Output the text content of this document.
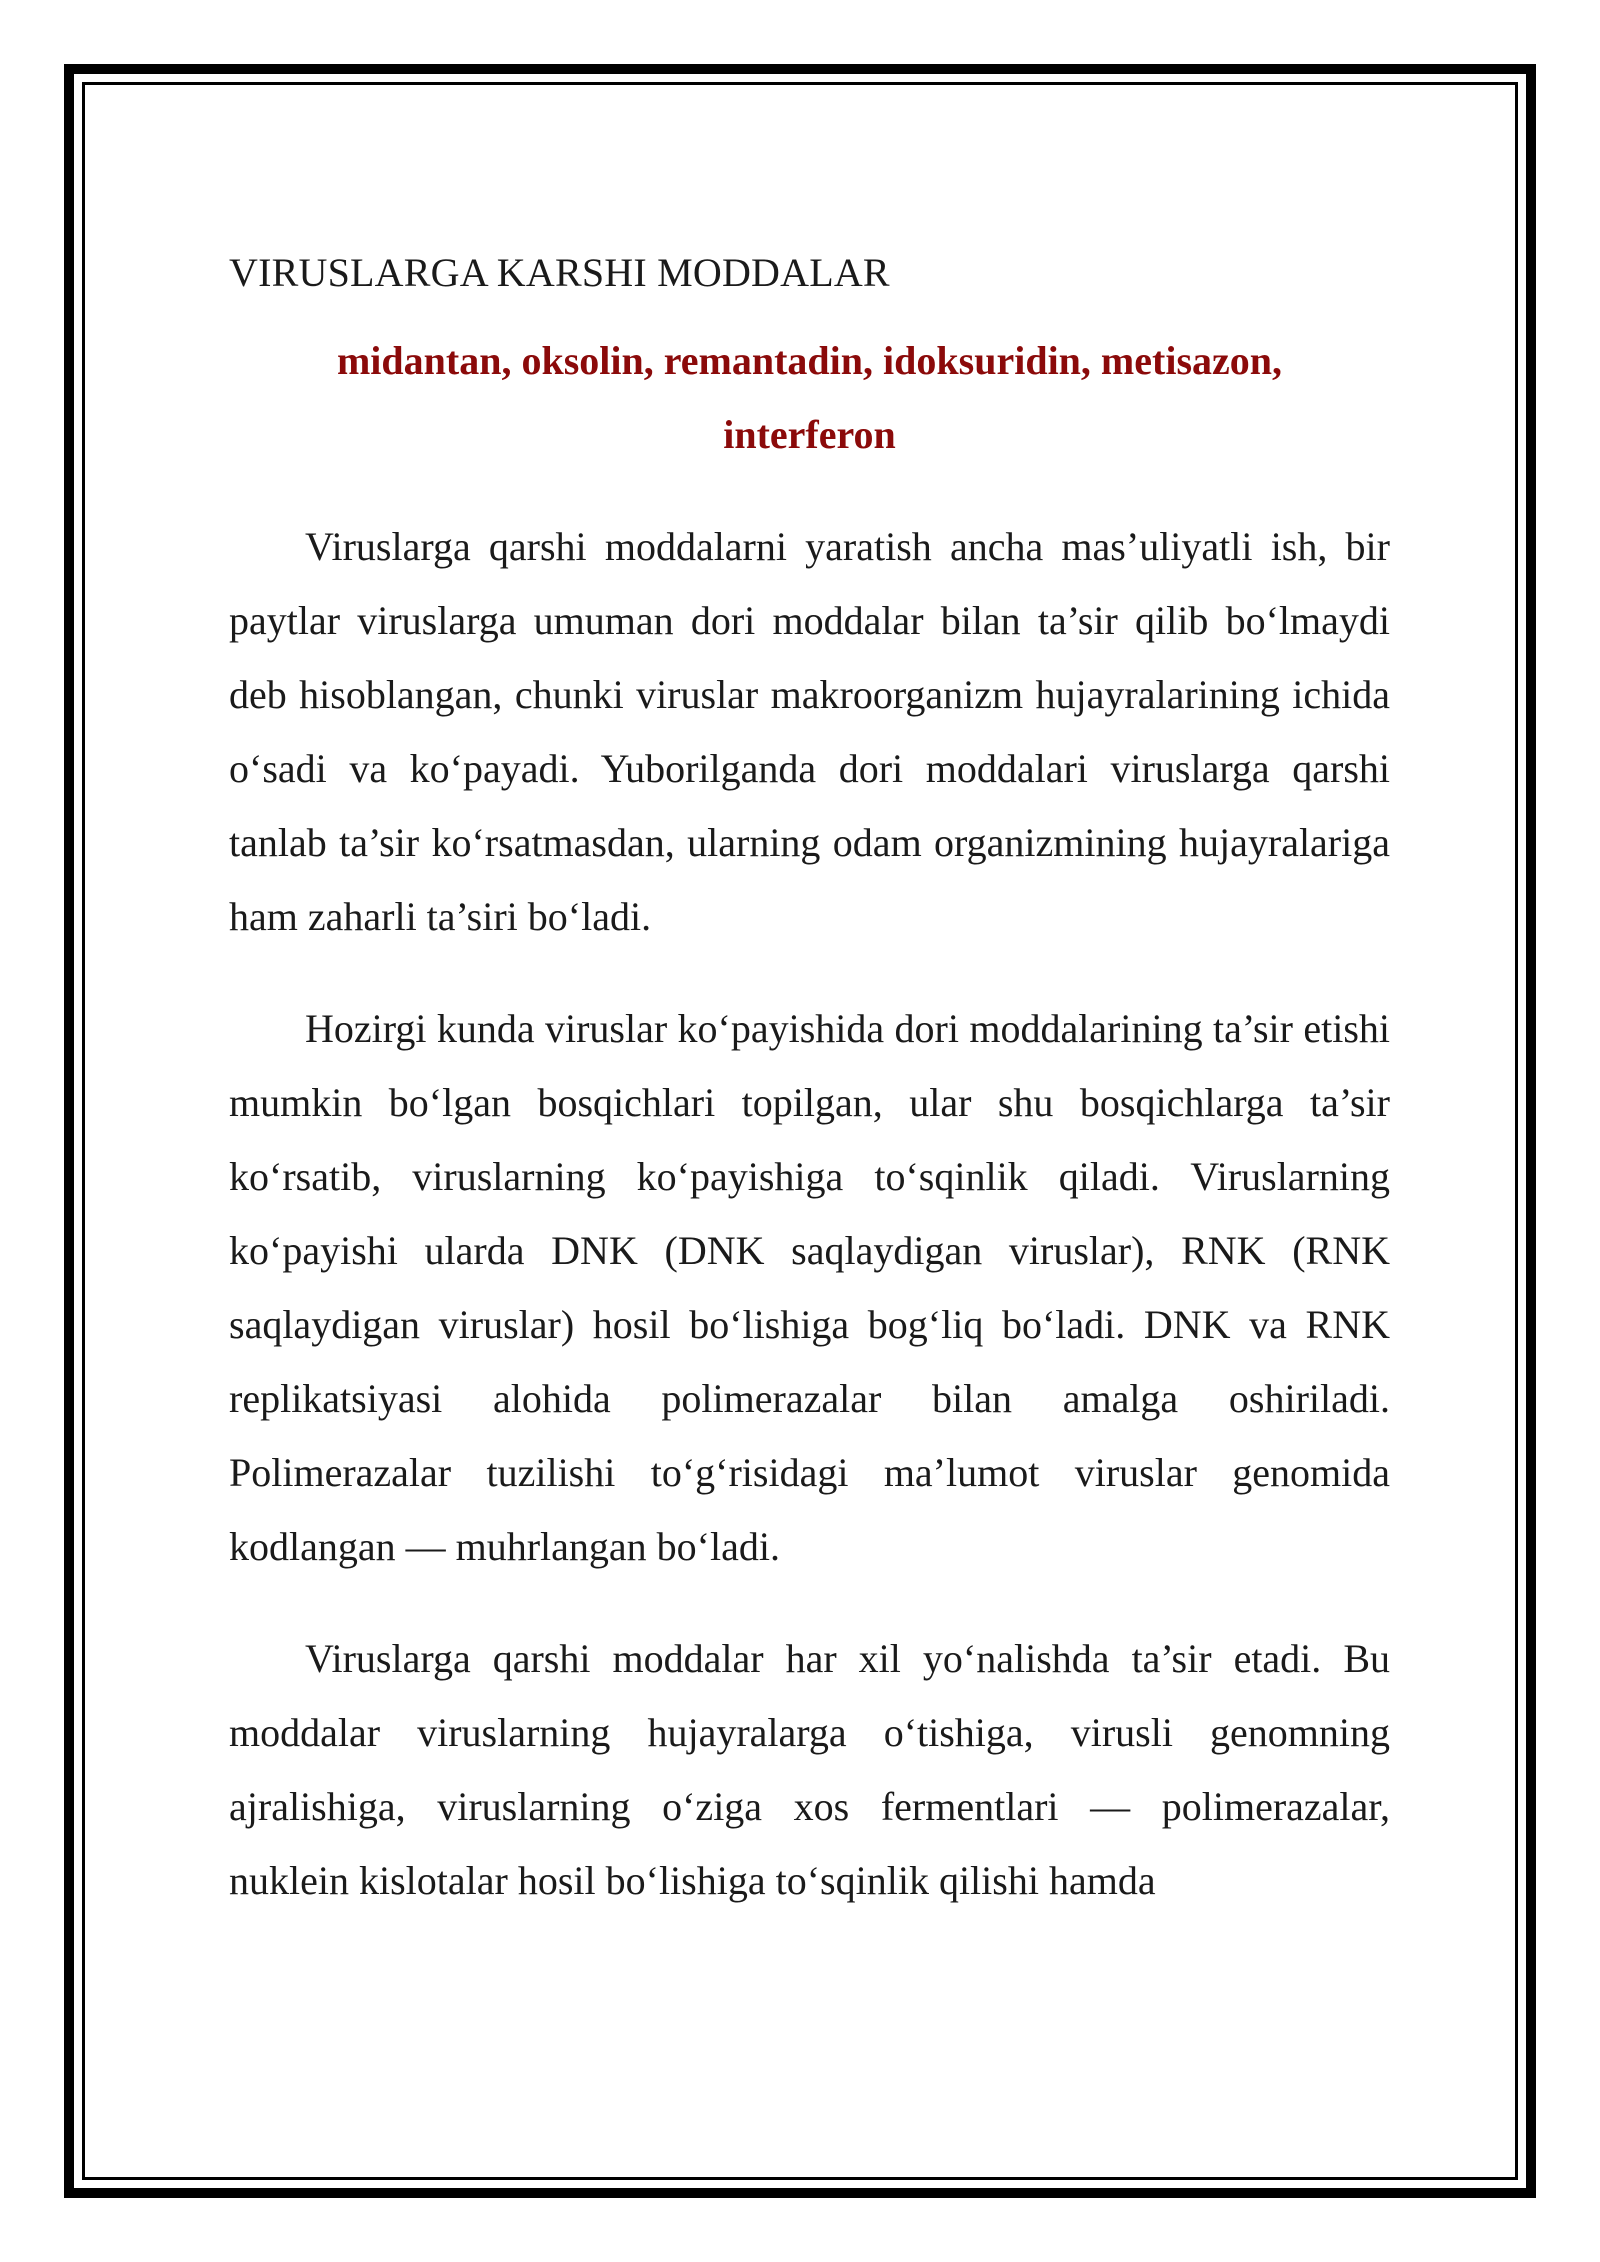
VIRUSLARGA KARSHI MODDALAR
midantan, oksolin, remantadin, idoksuridin, metisazon,
interferon

Viruslarga qarshi moddalarni yaratish ancha mas’uliyatli ish, bir paytlar viruslarga umuman dori moddalar bilan ta’sir qilib bo‘lmaydi deb hisoblangan, chunki viruslar makroorganizm hujayralarining ichida o‘sadi va ko‘payadi. Yuborilganda dori moddalari viruslarga qarshi tanlab ta’sir ko‘rsatmasdan, ularning odam organizmining hujayralariga ham zaharli ta’siri bo‘ladi.

Hozirgi kunda viruslar ko‘payishida dori moddalarining ta’sir etishi mumkin bo‘lgan bosqichlari topilgan, ular shu bosqichlarga ta’sir ko‘rsatib, viruslarning ko‘payishiga to‘sqinlik qiladi. Viruslarning ko‘payishi ularda DNK (DNK saqlaydigan viruslar), RNK (RNK saqlaydigan viruslar) hosil bo‘lishiga bog‘liq bo‘ladi. DNK va RNK replikatsiyasi alohida polimerazalar bilan amalga oshiriladi. Polimerazalar tuzilishi to‘g‘risidagi ma’lumot viruslar genomida kodlangan — muhrlangan bo‘ladi.

Viruslarga qarshi moddalar har xil yo‘nalishda ta’sir etadi. Bu moddalar viruslarning hujayralarga o‘tishiga, virusli genomning ajralishiga, viruslarning o‘ziga xos fermentlari — polimerazalar, nuklein kislotalar hosil bo‘lishiga to‘sqinlik qilishi hamda
